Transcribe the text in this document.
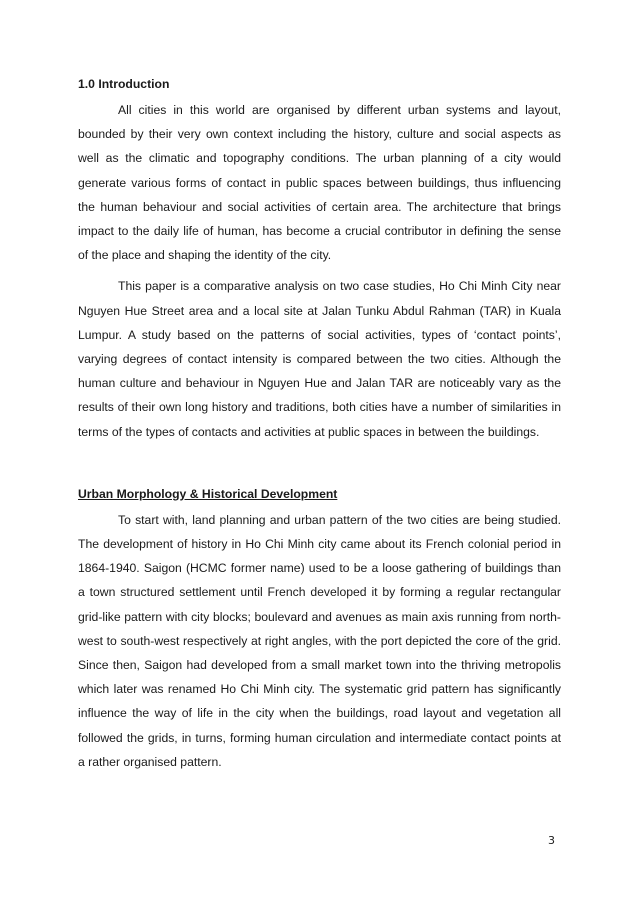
1.0 Introduction

All cities in this world are organised by different urban systems and layout, bounded by their very own context including the history, culture and social aspects as well as the climatic and topography conditions. The urban planning of a city would generate various forms of contact in public spaces between buildings, thus influencing the human behaviour and social activities of certain area. The architecture that brings impact to the daily life of human, has become a crucial contributor in defining the sense of the place and shaping the identity of the city.

This paper is a comparative analysis on two case studies, Ho Chi Minh City near Nguyen Hue Street area and a local site at Jalan Tunku Abdul Rahman (TAR) in Kuala Lumpur. A study based on the patterns of social activities, types of ‘contact points’, varying degrees of contact intensity is compared between the two cities. Although the human culture and behaviour in Nguyen Hue and Jalan TAR are noticeably vary as the results of their own long history and traditions, both cities have a number of similarities in terms of the types of contacts and activities at public spaces in between the buildings.

Urban Morphology & Historical Development

To start with, land planning and urban pattern of the two cities are being studied. The development of history in Ho Chi Minh city came about its French colonial period in 1864-1940. Saigon (HCMC former name) used to be a loose gathering of buildings than a town structured settlement until French developed it by forming a regular rectangular grid-like pattern with city blocks; boulevard and avenues as main axis running from north-west to south-west respectively at right angles, with the port depicted the core of the grid. Since then, Saigon had developed from a small market town into the thriving metropolis which later was renamed Ho Chi Minh city. The systematic grid pattern has significantly influence the way of life in the city when the buildings, road layout and vegetation all followed the grids, in turns, forming human circulation and intermediate contact points at a rather organised pattern.

3
